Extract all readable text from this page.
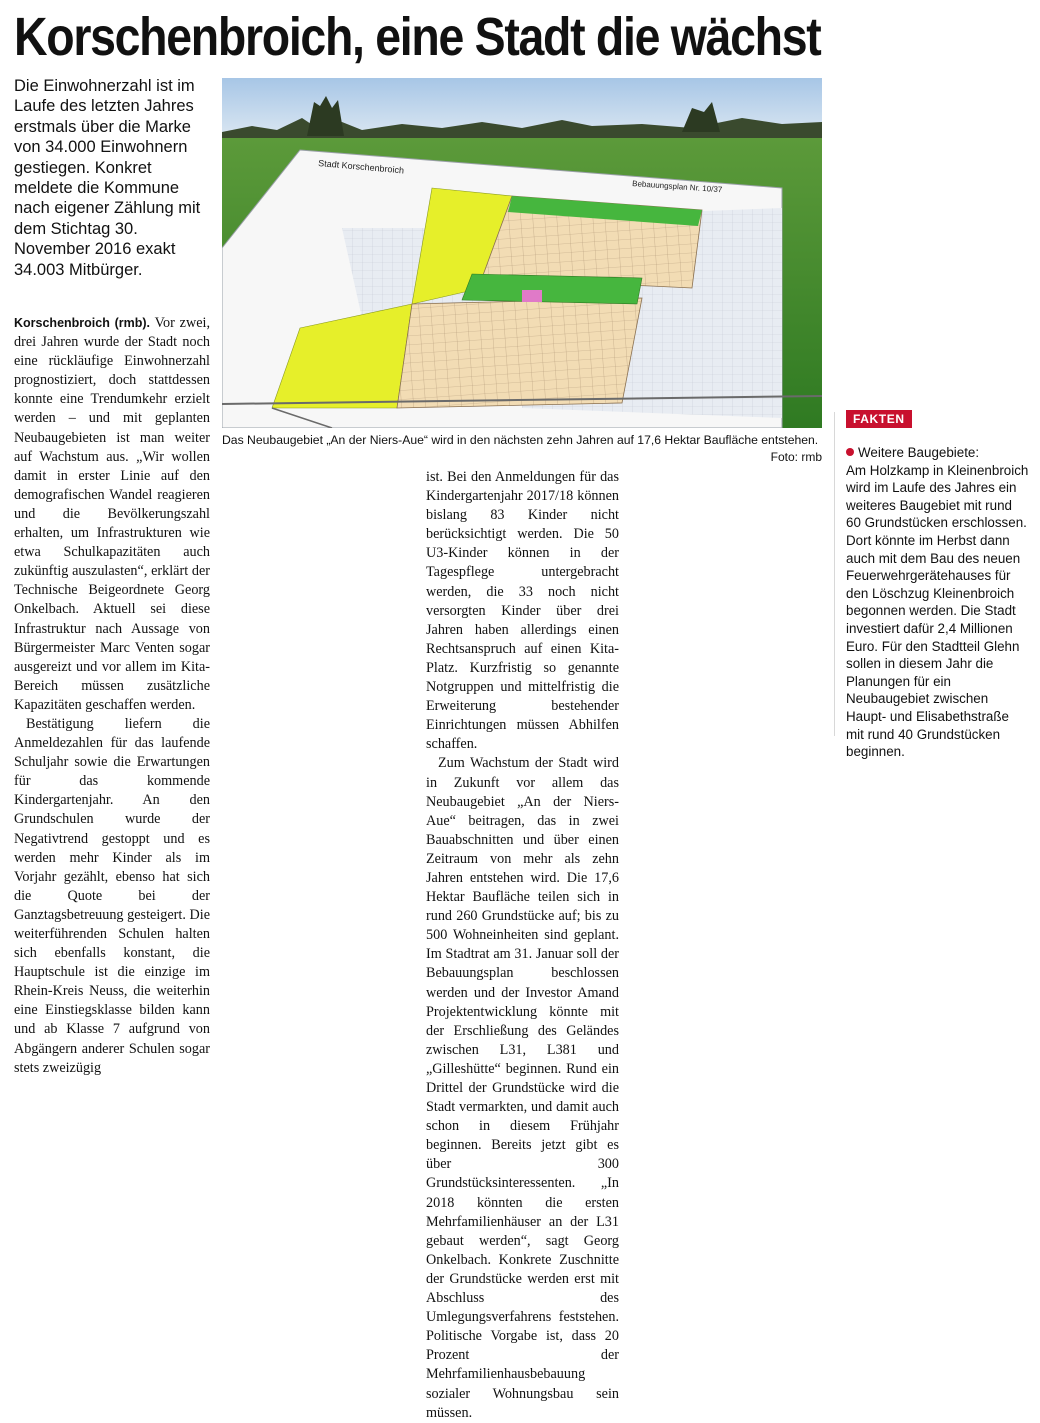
Korschenbroich, eine Stadt die wächst
Die Einwohnerzahl ist im Laufe des letzten Jahres erstmals über die Marke von 34.000 Einwohnern gestiegen. Konkret meldete die Kommune nach eigener Zählung mit dem Stichtag 30. November 2016 exakt 34.003 Mitbürger.
Stadt Korschenbroich
Bebauungsplan Nr. 10/37
Das Neubaugebiet „An der Niers-Aue“ wird in den nächsten zehn Jahren auf 17,6 Hektar Baufläche entstehen.
Foto: rmb

Korschenbroich (rmb). Vor zwei, drei Jahren wurde der Stadt noch eine rückläufige Einwohnerzahl prognostiziert, doch stattdessen konnte eine Trendumkehr erzielt werden – und mit geplanten Neubaugebieten ist man weiter auf Wachstum aus. „Wir wollen damit in erster Linie auf den demografischen Wandel reagieren und die Bevölkerungszahl erhalten, um Infrastrukturen wie etwa Schulkapazitäten auch zukünftig auszulasten“, erklärt der Technische Beigeordnete Georg Onkelbach. Aktuell sei diese Infrastruktur nach Aussage von Bürgermeister Marc Venten sogar ausgereizt und vor allem im Kita-Bereich müssen zusätzliche Kapazitäten geschaffen werden.

Bestätigung liefern die Anmeldezahlen für das laufende Schuljahr sowie die Erwartungen für das kommende Kindergartenjahr. An den Grundschulen wurde der Negativtrend gestoppt und es werden mehr Kinder als im Vorjahr gezählt, ebenso hat sich die Quote bei der Ganztagsbetreuung gesteigert. Die weiterführenden Schulen halten sich ebenfalls konstant, die Hauptschule ist die einzige im Rhein-Kreis Neuss, die weiterhin eine Einstiegsklasse bilden kann und ab Klasse 7 aufgrund von Abgängern anderer Schulen sogar stets zweizügig

ist. Bei den Anmeldungen für das Kindergartenjahr 2017/18 können bislang 83 Kinder nicht berücksichtigt werden. Die 50 U3-Kinder können in der Tagespflege untergebracht werden, die 33 noch nicht versorgten Kinder über drei Jahren haben allerdings einen Rechtsanspruch auf einen Kita-Platz. Kurzfristig so genannte Notgruppen und mittelfristig die Erweiterung bestehender Einrichtungen müssen Abhilfen schaffen.

Zum Wachstum der Stadt wird in Zukunft vor allem das Neubaugebiet „An der Niers-Aue“ beitragen, das in zwei Bauabschnitten und über einen Zeitraum von mehr als zehn Jahren entstehen wird. Die 17,6 Hektar Baufläche teilen sich in rund 260 Grundstücke auf; bis zu 500 Wohneinheiten sind geplant. Im Stadtrat am 31. Januar soll der Bebauungsplan beschlossen werden und der Investor Amand Projektentwicklung könnte mit der Erschließung des Geländes zwischen L31, L381 und „Gilleshütte“ beginnen. Rund ein Drittel der Grundstücke wird die Stadt vermarkten, und damit auch schon in diesem Frühjahr beginnen. Bereits jetzt gibt es über 300 Grundstücksinteressenten. „In 2018 könnten die ersten Mehrfamilienhäuser an der L31 gebaut werden“, sagt Georg Onkelbach. Konkrete Zuschnitte der Grundstücke werden erst mit Abschluss des Umlegungsverfahrens feststehen. Politische Vorgabe ist, dass 20 Prozent der Mehrfamilienhausbebauung sozialer Wohnungsbau sein müssen.

FAKTEN
Weitere Baugebiete:
Am Holzkamp in Kleinenbroich wird im Laufe des Jahres ein weiteres Baugebiet mit rund 60 Grundstücken erschlossen. Dort könnte im Herbst dann auch mit dem Bau des neuen Feuerwehrgerätehauses für den Löschzug Kleinenbroich begonnen werden. Die Stadt investiert dafür 2,4 Millionen Euro. Für den Stadtteil Glehn sollen in diesem Jahr die Planungen für ein Neubaugebiet zwischen Haupt- und Elisabethstraße mit rund 40 Grundstücken beginnen.
